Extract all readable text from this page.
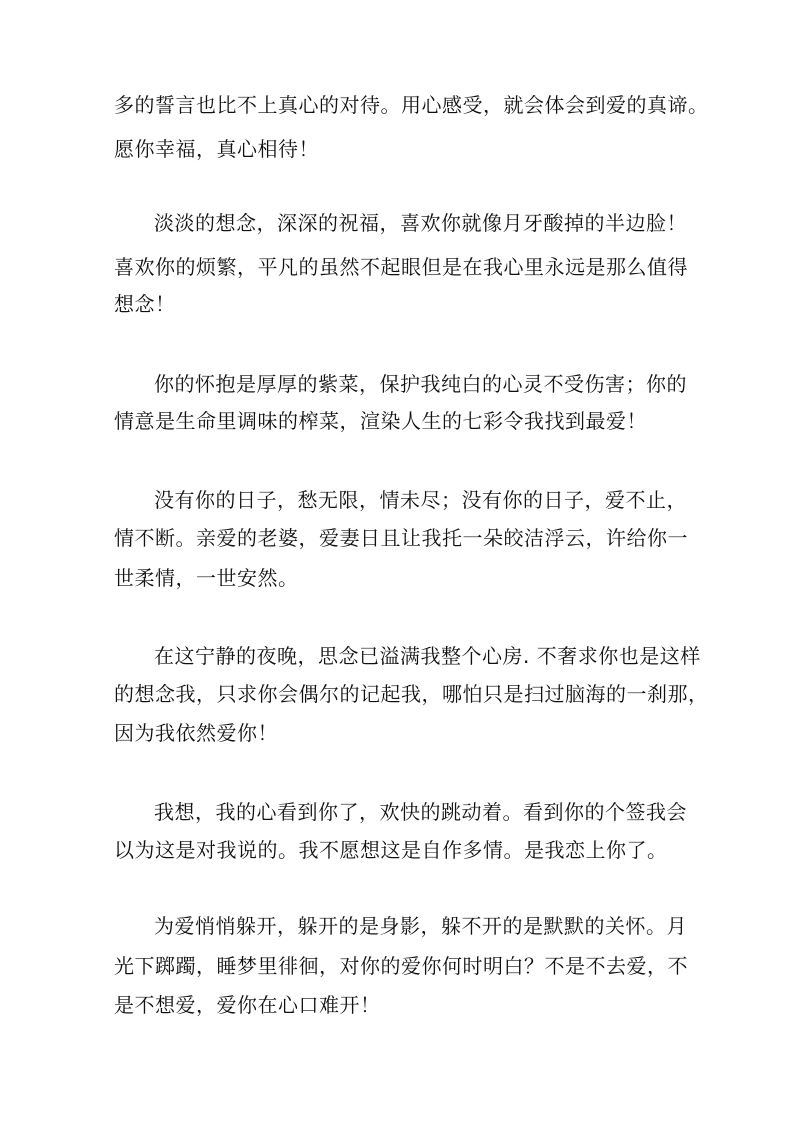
多的誓言也比不上真心的对待。用心感受，就会体会到爱的真谛。
愿你幸福，真心相待！
淡淡的想念，深深的祝福，喜欢你就像月牙酸掉的半边脸！
喜欢你的烦繁，平凡的虽然不起眼但是在我心里永远是那么值得
想念！
你的怀抱是厚厚的紫菜，保护我纯白的心灵不受伤害；你的
情意是生命里调味的榨菜，渲染人生的七彩令我找到最爱！
没有你的日子，愁无限，情未尽；没有你的日子，爱不止，
情不断。亲爱的老婆，爱妻日且让我托一朵皎洁浮云，许给你一
世柔情，一世安然。
在这宁静的夜晚，思念已溢满我整个心房. 不奢求你也是这样
的想念我，只求你会偶尔的记起我，哪怕只是扫过脑海的一刹那，
因为我依然爱你！
我想，我的心看到你了，欢快的跳动着。看到你的个签我会
以为这是对我说的。我不愿想这是自作多情。是我恋上你了。
为爱悄悄躲开，躲开的是身影，躲不开的是默默的关怀。月
光下踯躅，睡梦里徘徊，对你的爱你何时明白？不是不去爱，不
是不想爱，爱你在心口难开！
